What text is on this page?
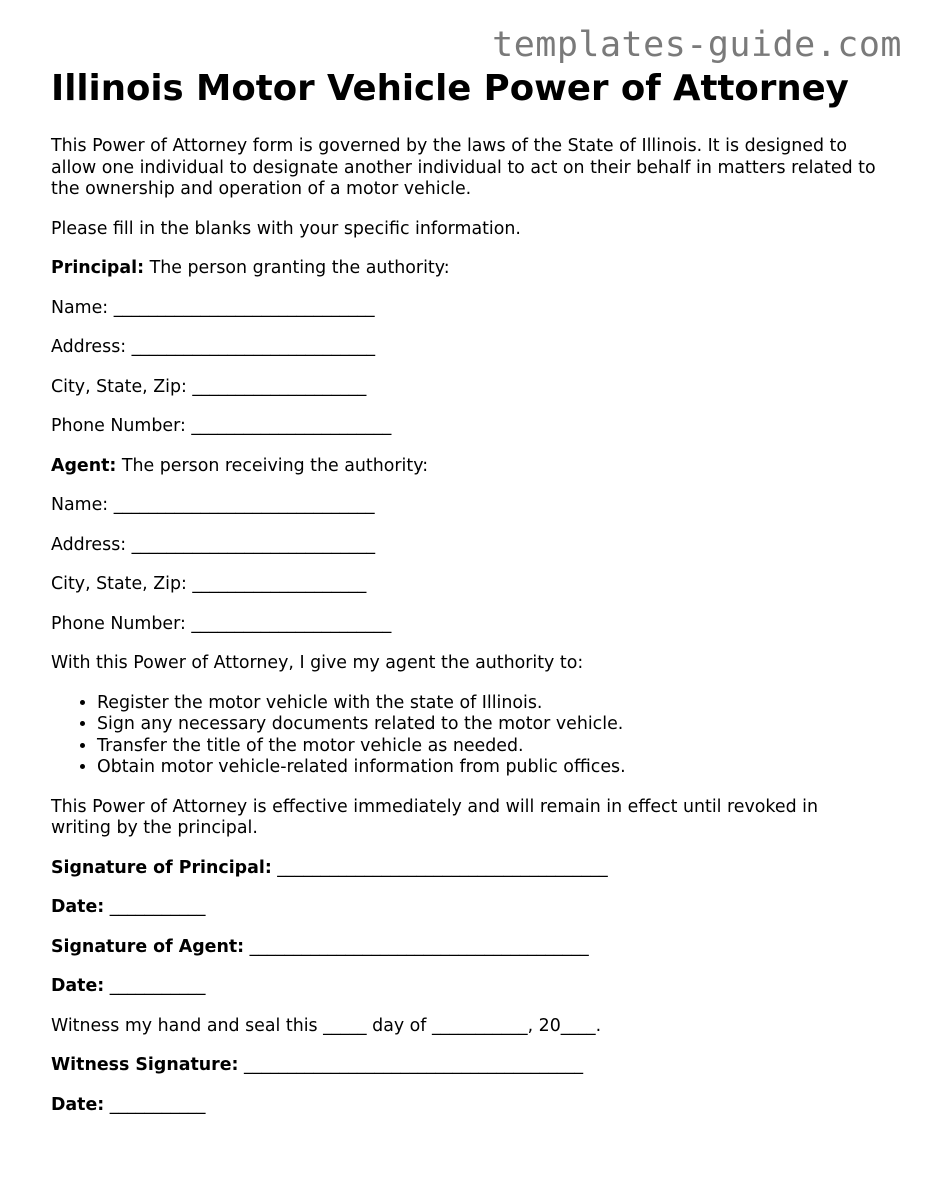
templates-guide.com
Illinois Motor Vehicle Power of Attorney

This Power of Attorney form is governed by the laws of the State of Illinois. It is designed to allow one individual to designate another individual to act on their behalf in matters related to the ownership and operation of a motor vehicle.

Please fill in the blanks with your specific information.

Principal: The person granting the authority:

Name: ______________________________

Address: ____________________________

City, State, Zip: ____________________

Phone Number: _______________________

Agent: The person receiving the authority:

Name: ______________________________

Address: ____________________________

City, State, Zip: ____________________

Phone Number: _______________________

With this Power of Attorney, I give my agent the authority to:

• Register the motor vehicle with the state of Illinois.
• Sign any necessary documents related to the motor vehicle.
• Transfer the title of the motor vehicle as needed.
• Obtain motor vehicle-related information from public offices.

This Power of Attorney is effective immediately and will remain in effect until revoked in writing by the principal.

Signature of Principal: ______________________________________

Date: ___________

Signature of Agent: _______________________________________

Date: ___________

Witness my hand and seal this _____ day of ___________, 20____.

Witness Signature: _______________________________________

Date: ___________
